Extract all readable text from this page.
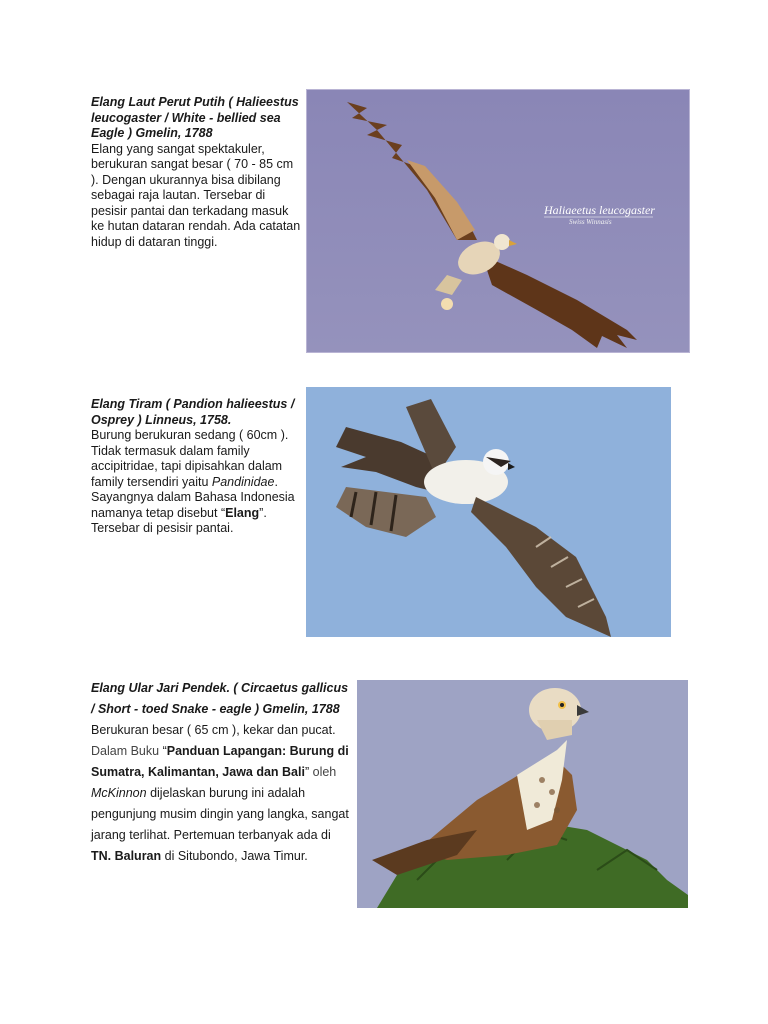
Elang Laut Perut Putih ( Halieestus leucogaster / White - bellied sea Eagle ) Gmelin, 1788
Elang yang sangat spektakuler, berukuran sangat besar ( 70 - 85 cm ). Dengan ukurannya bisa dibilang sebagai raja lautan. Tersebar di pesisir pantai dan terkadang masuk ke hutan dataran rendah. Ada catatan hidup di dataran tinggi.
Haliaeetus leucogaster
Swiss Winnasis
Elang Tiram ( Pandion halieestus / Osprey ) Linneus, 1758.
Burung berukuran sedang ( 60cm ). Tidak termasuk dalam family accipitridae, tapi dipisahkan dalam family tersendiri yaitu Pandinidae. Sayangnya dalam Bahasa Indonesia namanya tetap disebut “Elang”. Tersebar di pesisir pantai.
Elang Ular Jari Pendek. ( Circaetus gallicus / Short - toed Snake - eagle ) Gmelin, 1788
Berukuran besar ( 65 cm ), kekar dan pucat. Dalam Buku “Panduan Lapangan: Burung di Sumatra, Kalimantan, Jawa dan Bali” oleh McKinnon dijelaskan burung ini adalah pengunjung musim dingin yang langka, sangat jarang terlihat. Pertemuan terbanyak ada di TN. Baluran di Situbondo, Jawa Timur.
